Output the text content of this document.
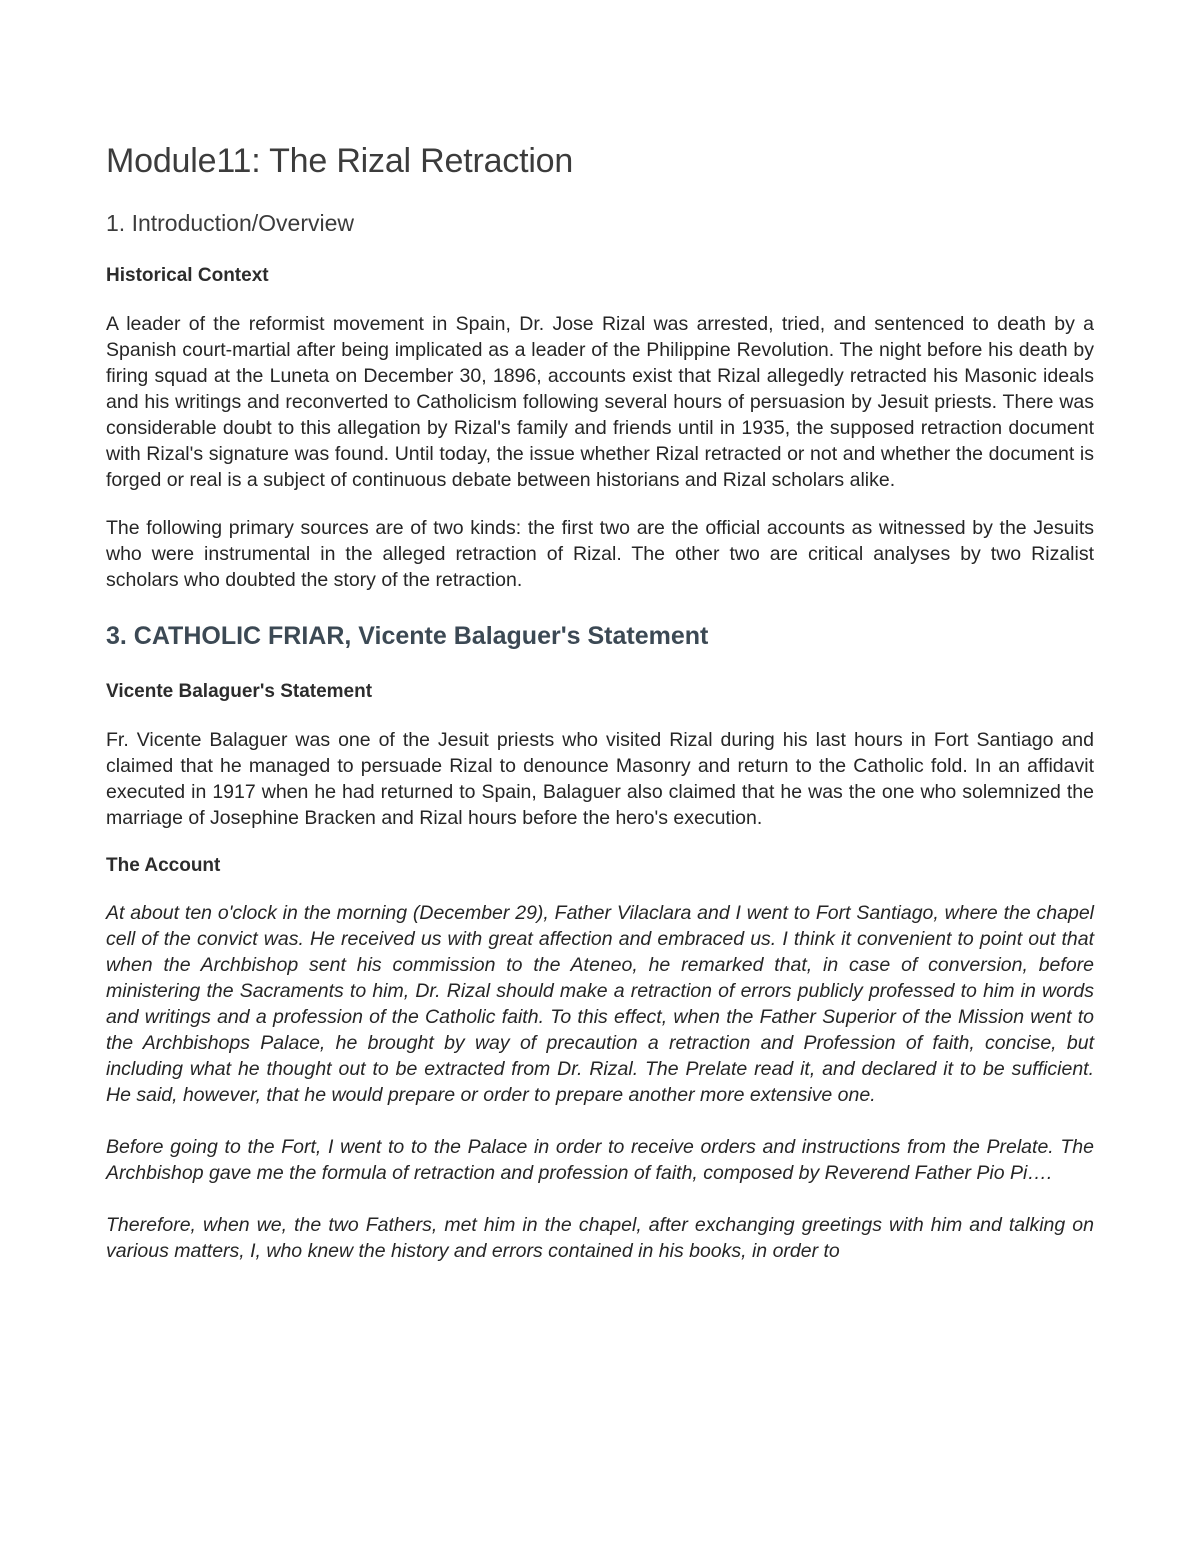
Module11: The Rizal Retraction
1. Introduction/Overview
Historical Context

A leader of the reformist movement in Spain, Dr. Jose Rizal was arrested, tried, and sentenced to death by a Spanish court-martial after being implicated as a leader of the Philippine Revolution. The night before his death by firing squad at the Luneta on December 30, 1896, accounts exist that Rizal allegedly retracted his Masonic ideals and his writings and reconverted to Catholicism following several hours of persuasion by Jesuit priests. There was considerable doubt to this allegation by Rizal's family and friends until in 1935, the supposed retraction document with Rizal's signature was found. Until today, the issue whether Rizal retracted or not and whether the document is forged or real is a subject of continuous debate between historians and Rizal scholars alike.

The following primary sources are of two kinds: the first two are the official accounts as witnessed by the Jesuits who were instrumental in the alleged retraction of Rizal. The other two are critical analyses by two Rizalist scholars who doubted the story of the retraction.

3. CATHOLIC FRIAR, Vicente Balaguer's Statement
Vicente Balaguer's Statement

Fr. Vicente Balaguer was one of the Jesuit priests who visited Rizal during his last hours in Fort Santiago and claimed that he managed to persuade Rizal to denounce Masonry and return to the Catholic fold. In an affidavit executed in 1917 when he had returned to Spain, Balaguer also claimed that he was the one who solemnized the marriage of Josephine Bracken and Rizal hours before the hero's execution.

The Account

At about ten o'clock in the morning (December 29), Father Vilaclara and I went to Fort Santiago, where the chapel cell of the convict was. He received us with great affection and embraced us. I think it convenient to point out that when the Archbishop sent his commission to the Ateneo, he remarked that, in case of conversion, before ministering the Sacraments to him, Dr. Rizal should make a retraction of errors publicly professed to him in words and writings and a profession of the Catholic faith. To this effect, when the Father Superior of the Mission went to the Archbishops Palace, he brought by way of precaution a retraction and Profession of faith, concise, but including what he thought out to be extracted from Dr. Rizal. The Prelate read it, and declared it to be sufficient. He said, however, that he would prepare or order to prepare another more extensive one.

Before going to the Fort, I went to to the Palace in order to receive orders and instructions from the Prelate. The Archbishop gave me the formula of retraction and profession of faith, composed by Reverend Father Pio Pi….

Therefore, when we, the two Fathers, met him in the chapel, after exchanging greetings with him and talking on various matters, I, who knew the history and errors contained in his books, in order to
